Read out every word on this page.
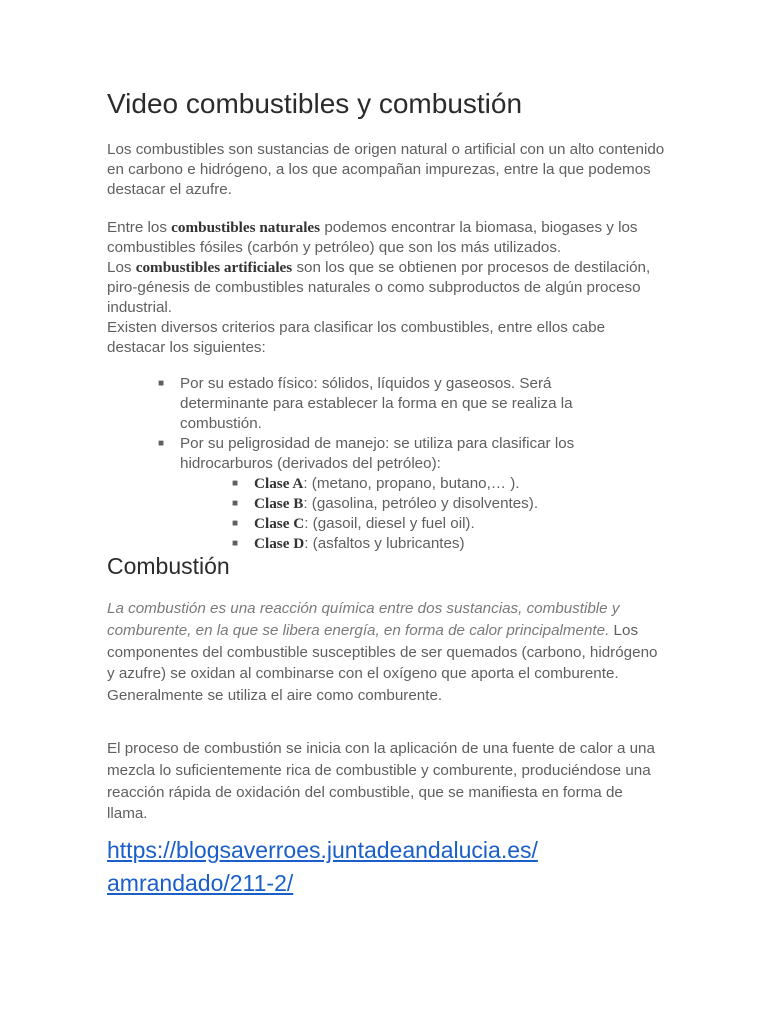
Video combustibles y combustión

Los combustibles son sustancias de origen natural o artificial con un alto contenido en carbono e hidrógeno, a los que acompañan impurezas, entre la que podemos destacar el azufre.

Entre los combustibles naturales podemos encontrar la biomasa, biogases y los combustibles fósiles (carbón y petróleo) que son los más utilizados.
Los combustibles artificiales son los que se obtienen por procesos de destilación, piro-génesis de combustibles naturales o como subproductos de algún proceso industrial.
Existen diversos criterios para clasificar los combustibles, entre ellos cabe destacar los siguientes:

■ Por su estado físico: sólidos, líquidos y gaseosos. Será determinante para establecer la forma en que se realiza la combustión.
■ Por su peligrosidad de manejo: se utiliza para clasificar los hidrocarburos (derivados del petróleo):
■ Clase A: (metano, propano, butano,… ).
■ Clase B: (gasolina, petróleo y disolventes).
■ Clase C: (gasoil, diesel y fuel oil).
■ Clase D: (asfaltos y lubricantes)
Combustión

La combustión es una reacción química entre dos sustancias, combustible y comburente, en la que se libera energía, en forma de calor principalmente. Los componentes del combustible susceptibles de ser quemados (carbono, hidrógeno y azufre) se oxidan al combinarse con el oxígeno que aporta el comburente. Generalmente se utiliza el aire como comburente.

El proceso de combustión se inicia con la aplicación de una fuente de calor a una mezcla lo suficientemente rica de combustible y comburente, produciéndose una reacción rápida de oxidación del combustible, que se manifiesta en forma de llama.

https://blogsaverroes.juntadeandalucia.es/
amrandado/211-2/
